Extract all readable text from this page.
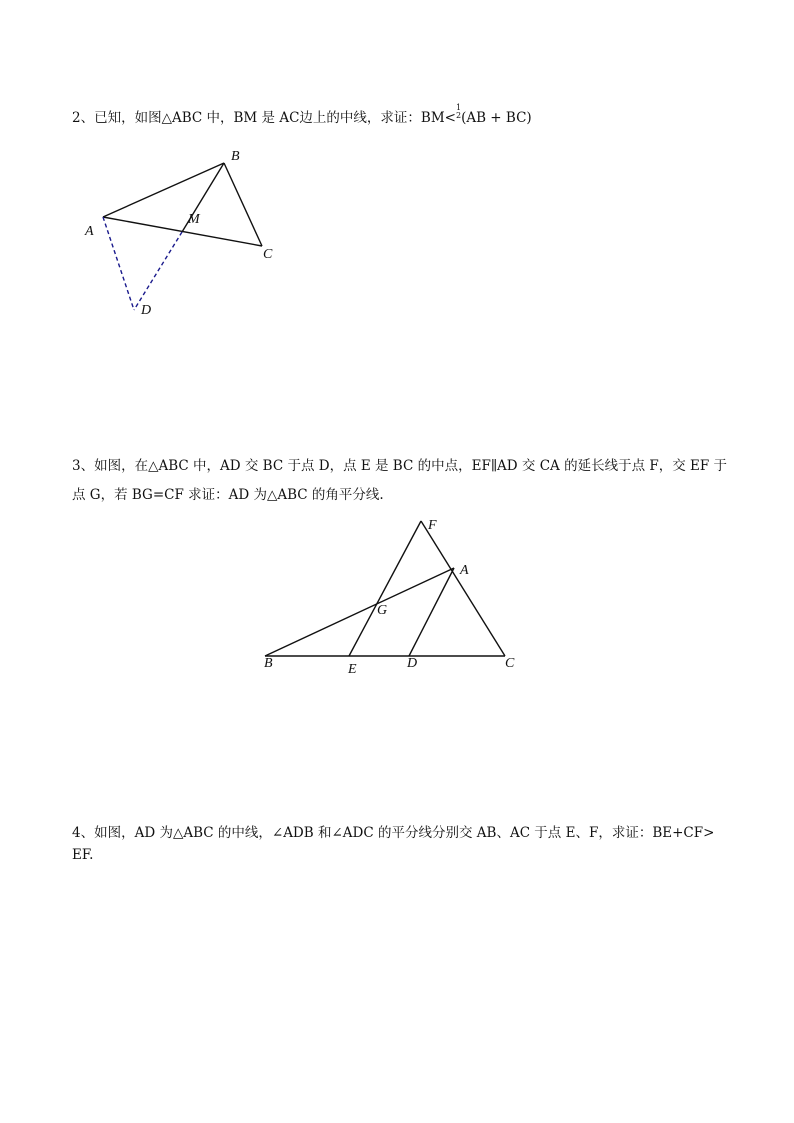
2、已知，如图△ABC 中，BM 是 AC边上的中线，求证：BM<
1
2 (AB + BC)
3、如图，在△ABC 中，AD 交 BC 于点 D，点 E 是 BC 的中点，EF∥AD 交 CA 的延长线于点 F，交 EF 于
点 G，若 BG=CF 求证：AD 为△ABC 的角平分线.
4、如图，AD 为△ABC 的中线，∠ADB 和∠ADC 的平分线分别交 AB、AC 于点 E、F，求证：BE+CF>
EF.
B
A
M
C
D
F
A
G
B	E	D	C
